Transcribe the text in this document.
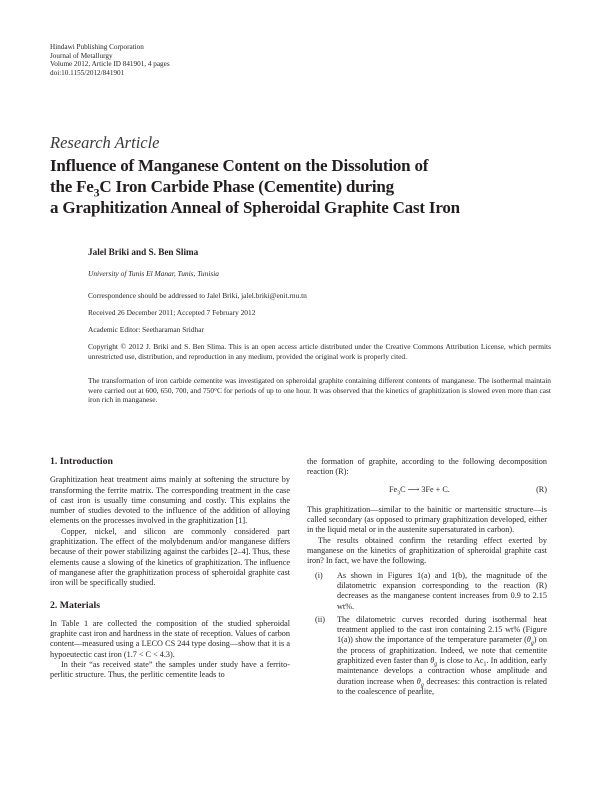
Hindawi Publishing Corporation
Journal of Metallurgy
Volume 2012, Article ID 841901, 4 pages
doi:10.1155/2012/841901
Research Article
Influence of Manganese Content on the Dissolution of
the $Fe_3C$ Iron Carbide Phase (Cementite) during
a Graphitization Anneal of Spheroidal Graphite Cast Iron
Jalel Briki and S. Ben Slima
University of Tunis El Manar, Tunis, Tunisia
Correspondence should be addressed to Jalel Briki, jalel.briki@enit.rnu.tn
Received 26 December 2011; Accepted 7 February 2012
Academic Editor: Seetharaman Sridhar
Copyright © 2012 J. Briki and S. Ben Slima. This is an open access article distributed under the Creative Commons Attribution License, which permits unrestricted use, distribution, and reproduction in any medium, provided the original work is properly cited.
The transformation of iron carbide cementite was investigated on spheroidal graphite containing different contents of manganese. The isothermal maintain were carried out at 600, 650, 700, and 750°C for periods of up to one hour. It was observed that the kinetics of graphitization is slowed even more than cast iron rich in manganese.
1. Introduction

Graphitization heat treatment aims mainly at softening the structure by transforming the ferrite matrix. The corresponding treatment in the case of cast iron is usually time consuming and costly. This explains the number of studies devoted to the influence of the addition of alloying elements on the processes involved in the graphitization [1].

Copper, nickel, and silicon are commonly considered part graphitization. The effect of the molybdenum and/or manganese differs because of their power stabilizing against the carbides [2–4]. Thus, these elements cause a slowing of the kinetics of graphitization. The influence of manganese after the graphitization process of spheroidal graphite cast iron will be specifically studied.

2. Materials

In Table 1 are collected the composition of the studied spheroidal graphite cast iron and hardness in the state of reception. Values of carbon content—measured using a LECO CS 244 type dosing—show that it is a hypoeutectic cast iron (1.7 < C < 4.3).

In their “as received state” the samples under study have a ferrito-perlitic structure. Thus, the perlitic cementite leads to

the formation of graphite, according to the following decomposition reaction (R):

$Fe_3C$ ⟶ 3Fe + C.	(R)

This graphitization—similar to the bainitic or martensitic structure—is called secondary (as opposed to primary graphitization developed, either in the liquid metal or in the austenite supersaturated in carbon).

The results obtained confirm the retarding effect exerted by manganese on the kinetics of graphitization of spheroidal graphite cast iron? In fact, we have the following.

(i) As shown in Figures 1(a) and 1(b), the magnitude of the dilatometric expansion corresponding to the reaction (R) decreases as the manganese content increases from 0.9 to 2.15 wt%.

(ii) The dilatometric curves recorded during isothermal heat treatment applied to the cast iron containing 2.15 wt% (Figure 1(a)) show the importance of the temperature parameter $(\theta_g)$ on the process of graphitization. Indeed, we note that cementite graphitized even faster than $\theta_g$ is close to $Ac_1$. In addition, early maintenance develops a contraction whose amplitude and duration increase when $\theta_g$ decreases: this contraction is related to the coalescence of pearlite,
